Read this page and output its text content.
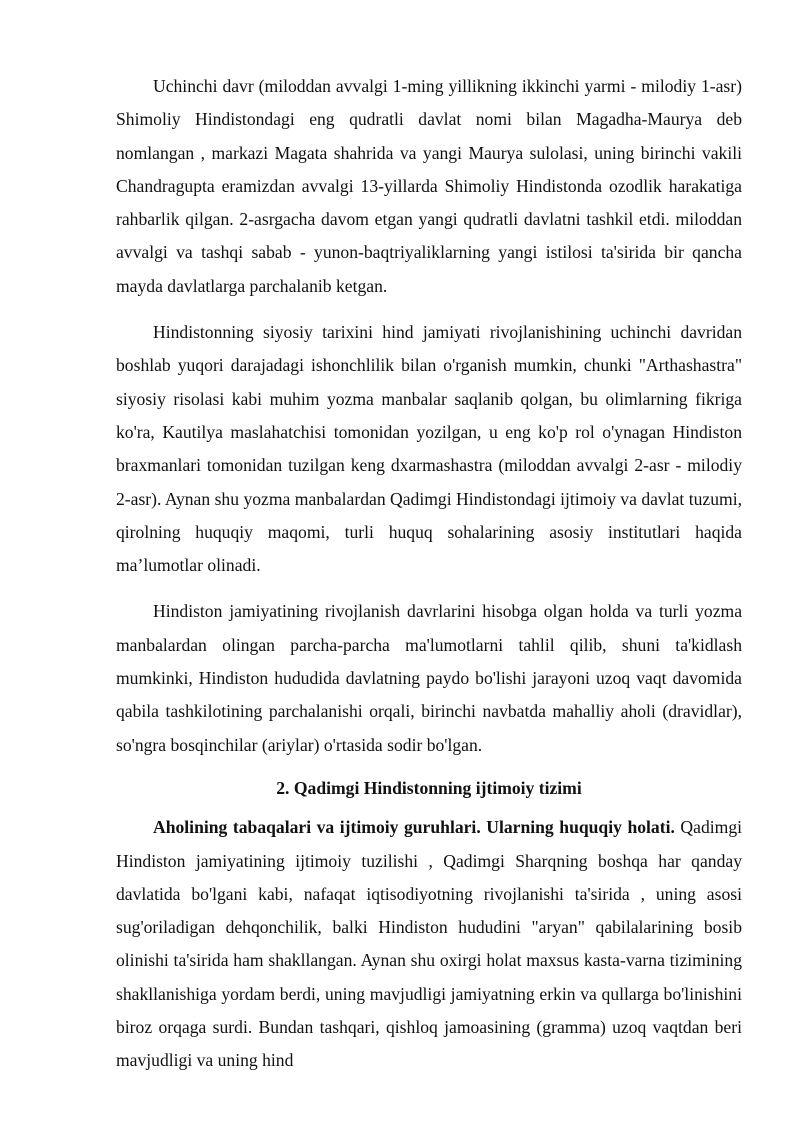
Uchinchi davr (miloddan avvalgi 1-ming yillikning ikkinchi yarmi - milodiy 1-asr) Shimoliy Hindistondagi eng qudratli davlat nomi bilan Magadha-Maurya deb nomlangan , markazi Magata shahrida va yangi Maurya sulolasi, uning birinchi vakili Chandragupta eramizdan avvalgi 13-yillarda Shimoliy Hindistonda ozodlik harakatiga rahbarlik qilgan. 2-asrgacha davom etgan yangi qudratli davlatni tashkil etdi. miloddan avvalgi va tashqi sabab - yunon-baqtriyaliklarning yangi istilosi ta'sirida bir qancha mayda davlatlarga parchalanib ketgan.

Hindistonning siyosiy tarixini hind jamiyati rivojlanishining uchinchi davridan boshlab yuqori darajadagi ishonchlilik bilan o'rganish mumkin, chunki "Arthashastra" siyosiy risolasi kabi muhim yozma manbalar saqlanib qolgan, bu olimlarning fikriga ko'ra, Kautilya maslahatchisi tomonidan yozilgan, u eng ko'p rol o'ynagan Hindiston braxmanlari tomonidan tuzilgan keng dxarmashastra (miloddan avvalgi 2-asr - milodiy 2-asr). Aynan shu yozma manbalardan Qadimgi Hindistondagi ijtimoiy va davlat tuzumi, qirolning huquqiy maqomi, turli huquq sohalarining asosiy institutlari haqida ma’lumotlar olinadi.

Hindiston jamiyatining rivojlanish davrlarini hisobga olgan holda va turli yozma manbalardan olingan parcha-parcha ma'lumotlarni tahlil qilib, shuni ta'kidlash mumkinki, Hindiston hududida davlatning paydo bo'lishi jarayoni uzoq vaqt davomida qabila tashkilotining parchalanishi orqali, birinchi navbatda mahalliy aholi (dravidlar), so'ngra bosqinchilar (ariylar) o'rtasida sodir bo'lgan.

2. Qadimgi Hindistonning ijtimoiy tizimi

Aholining tabaqalari va ijtimoiy guruhlari. Ularning huquqiy holati. Qadimgi Hindiston jamiyatining ijtimoiy tuzilishi , Qadimgi Sharqning boshqa har qanday davlatida bo'lgani kabi, nafaqat iqtisodiyotning rivojlanishi ta'sirida , uning asosi sug'oriladigan dehqonchilik, balki Hindiston hududini "aryan" qabilalarining bosib olinishi ta'sirida ham shakllangan. Aynan shu oxirgi holat maxsus kasta-varna tizimining shakllanishiga yordam berdi, uning mavjudligi jamiyatning erkin va qullarga bo'linishini biroz orqaga surdi. Bundan tashqari, qishloq jamoasining (gramma) uzoq vaqtdan beri mavjudligi va uning hind
